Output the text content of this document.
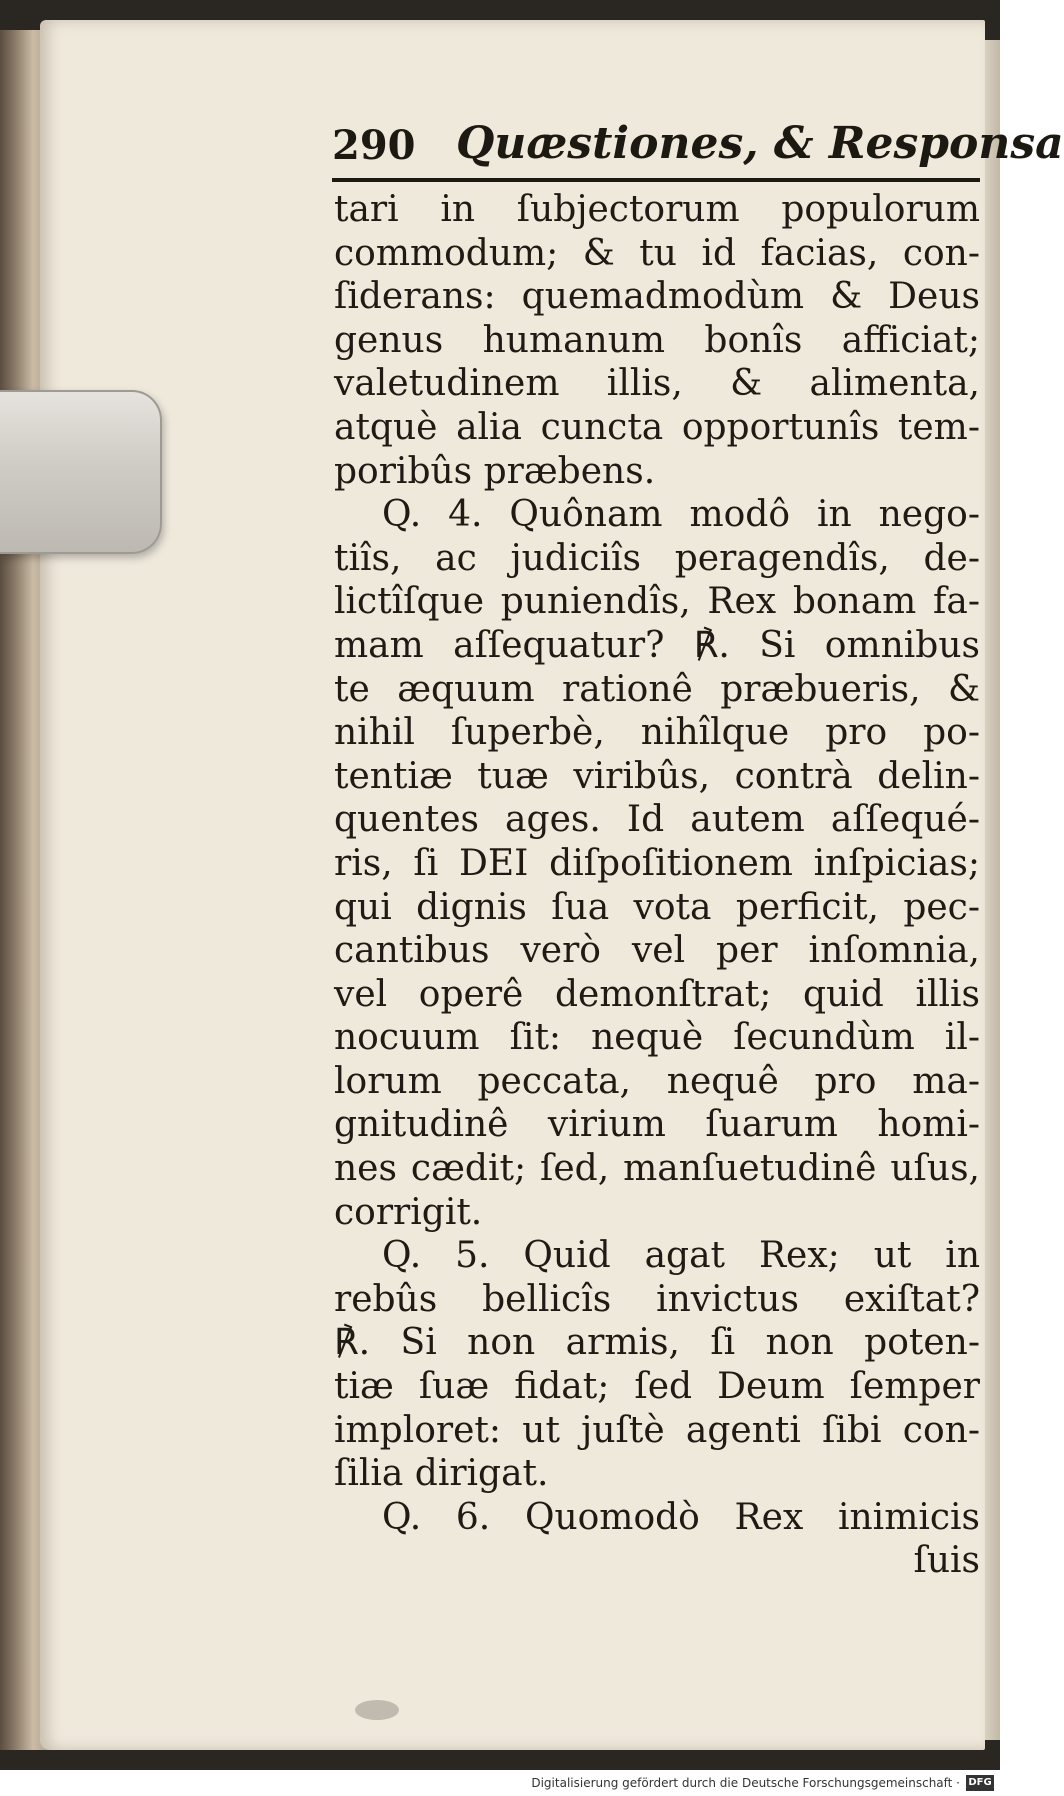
290 Quæstiones, & Responsa
tari in ſubjectorum populorum
commodum; & tu id facias, con-
ſiderans: quemadmodùm & Deus
genus humanum bonîs afficiat;
valetudinem illis, & alimenta,
atquè alia cuncta opportunîs tem-
poribûs præbens.
Q. 4. Quônam modô in nego-
tiîs, ac judiciîs peragendîs, de-
lictîſque puniendîs, Rex bonam fa-
mam aſſequatur? ℟. Si omnibus
te æquum rationê præbueris, &
nihil ſuperbè, nihîlque pro po-
tentiæ tuæ viribûs, contrà delin-
quentes ages. Id autem aſſequé-
ris, ſi DEI diſpoſitionem inſpicias;
qui dignis ſua vota perficit, pec-
cantibus verò vel per inſomnia,
vel operê demonſtrat; quid illis
nocuum ſit: nequè ſecundùm il-
lorum peccata, nequê pro ma-
gnitudinê virium ſuarum homi-
nes cædit; ſed, manſuetudinê uſus,
corrigit.
Q. 5. Quid agat Rex; ut in
rebûs bellicîs invictus exiſtat?
℟. Si non armis, ſi non poten-
tiæ ſuæ fidat; ſed Deum ſemper
imploret: ut juſtè agenti ſibi con-
ſilia dirigat.
Q. 6. Quomodò Rex inimicis
ſuis
Digitalisierung gefördert durch die Deutsche Forschungsgemeinschaft · DFG
